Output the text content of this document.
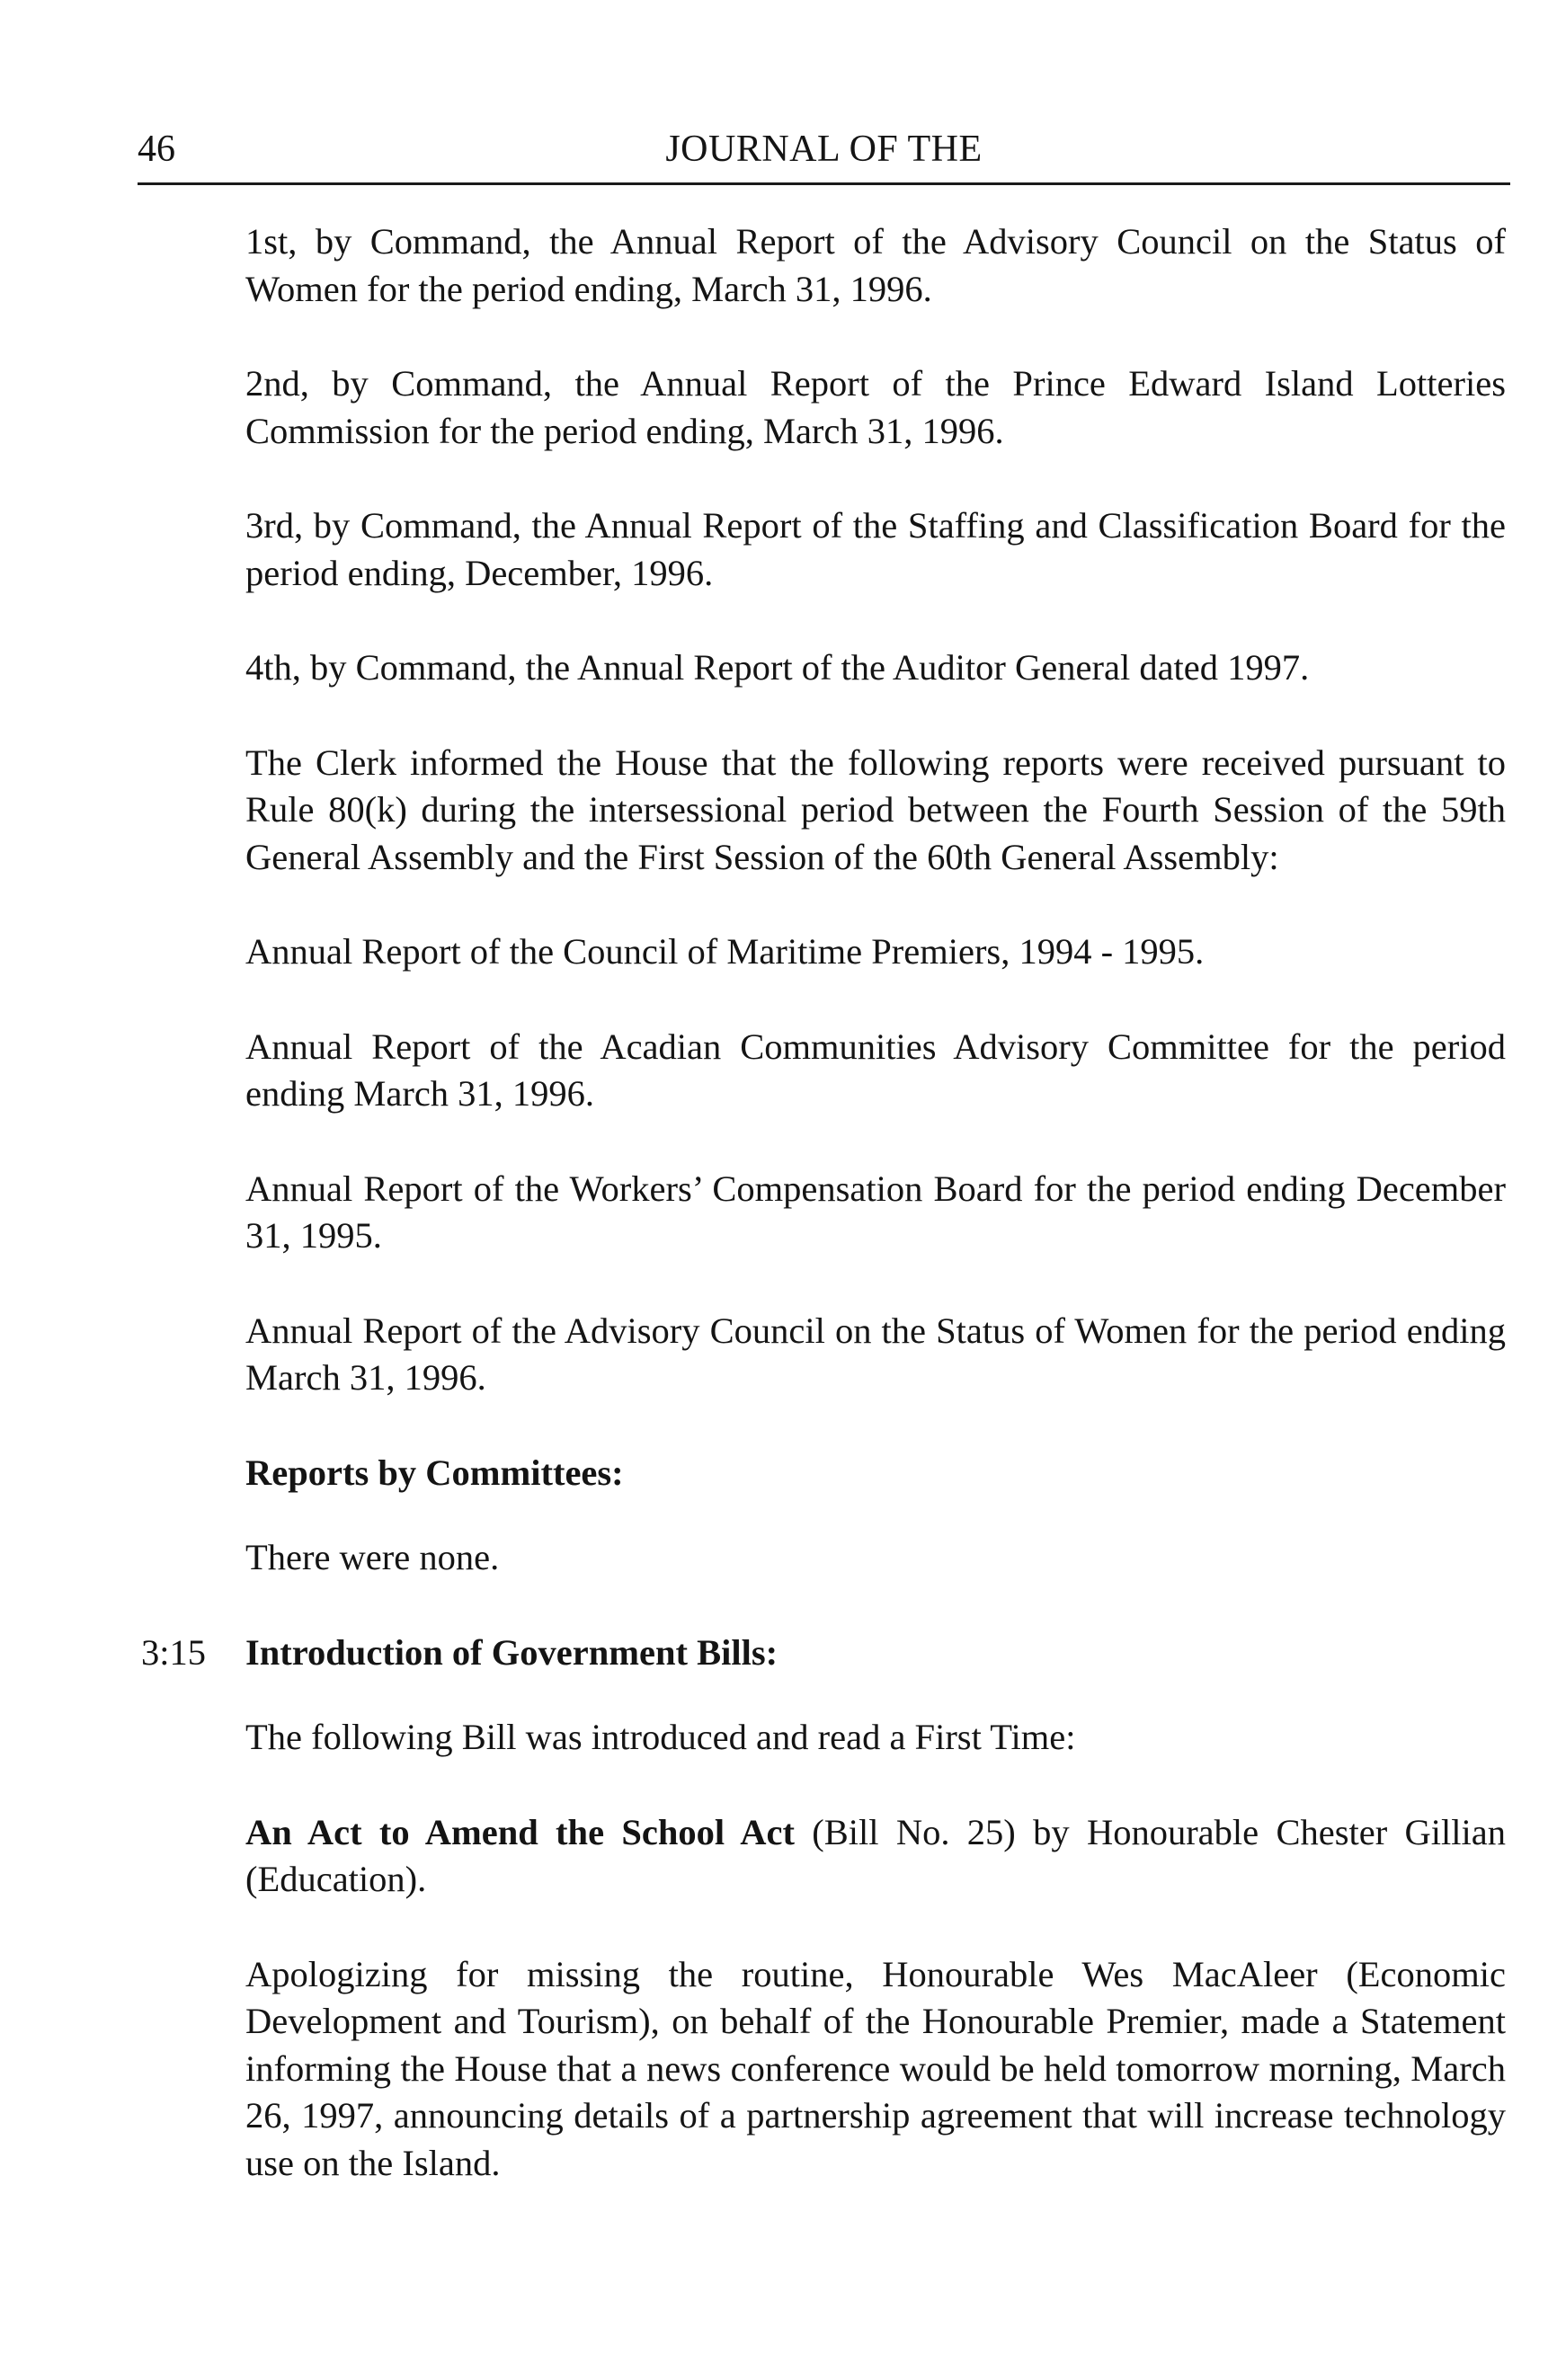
46	JOURNAL OF THE

1st, by Command, the Annual Report of the Advisory Council on the Status of Women for the period ending, March 31, 1996.

2nd, by Command, the Annual Report of the Prince Edward Island Lotteries Commission for the period ending, March 31, 1996.

3rd, by Command, the Annual Report of the Staffing and Classification Board for the period ending, December, 1996.

4th, by Command, the Annual Report of the Auditor General dated 1997.

The Clerk informed the House that the following reports were received pursuant to Rule 80(k) during the intersessional period between the Fourth Session of the 59th General Assembly and the First Session of the 60th General Assembly:

Annual Report of the Council of Maritime Premiers, 1994 - 1995.

Annual Report of the Acadian Communities Advisory Committee for the period ending March 31, 1996.

Annual Report of the Workers’ Compensation Board for the period ending December 31, 1995.

Annual Report of the Advisory Council on the Status of Women for the period ending March 31, 1996.

Reports by Committees:

There were none.

3:15 Introduction of Government Bills:

The following Bill was introduced and read a First Time:

An Act to Amend the School Act (Bill No. 25) by Honourable Chester Gillian (Education).

Apologizing for missing the routine, Honourable Wes MacAleer (Economic Development and Tourism), on behalf of the Honourable Premier, made a Statement informing the House that a news conference would be held tomorrow morning, March 26, 1997, announcing details of a partnership agreement that will increase technology use on the Island.
